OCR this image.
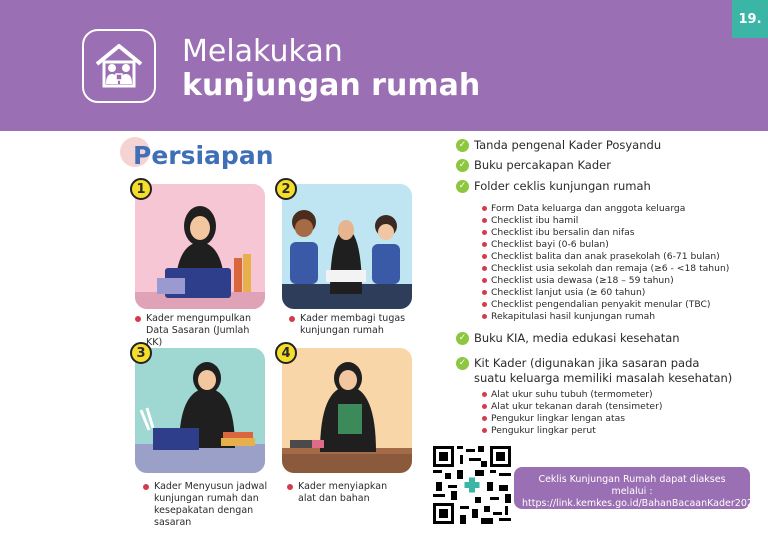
19.
Melakukan
kunjungan rumah
Persiapan
1	2
3	4
Kader mengumpulkan Data Sasaran (Jumlah KK)
Kader membagi tugas kunjungan rumah
Kader Menyusun jadwal kunjungan rumah dan kesepakatan dengan sasaran
Kader menyiapkan alat dan bahan
✓ Tanda pengenal Kader Posyandu
✓ Buku percakapan Kader
✓ Folder ceklis kunjungan rumah
Form Data keluarga dan anggota keluarga
Checklist ibu hamil
Checklist ibu bersalin dan nifas
Checklist bayi (0-6 bulan)
Checklist balita dan anak prasekolah (6-71 bulan)
Checklist usia sekolah dan remaja (≥6 - <18 tahun)
Checklist usia dewasa (≥18 – 59 tahun)
Checklist lanjut usia (≥ 60 tahun)
Checklist pengendalian penyakit menular (TBC)
Rekapitulasi hasil kunjungan rumah
✓ Buku KIA, media edukasi kesehatan
✓ Kit Kader (digunakan jika sasaran pada
suatu keluarga memiliki masalah kesehatan)
Alat ukur suhu tubuh (termometer)
Alat ukur tekanan darah (tensimeter)
Pengukur lingkar lengan atas
Pengukur lingkar perut
Ceklis Kunjungan Rumah dapat diakses melalui :
https://link.kemkes.go.id/BahanBacaanKader2023
